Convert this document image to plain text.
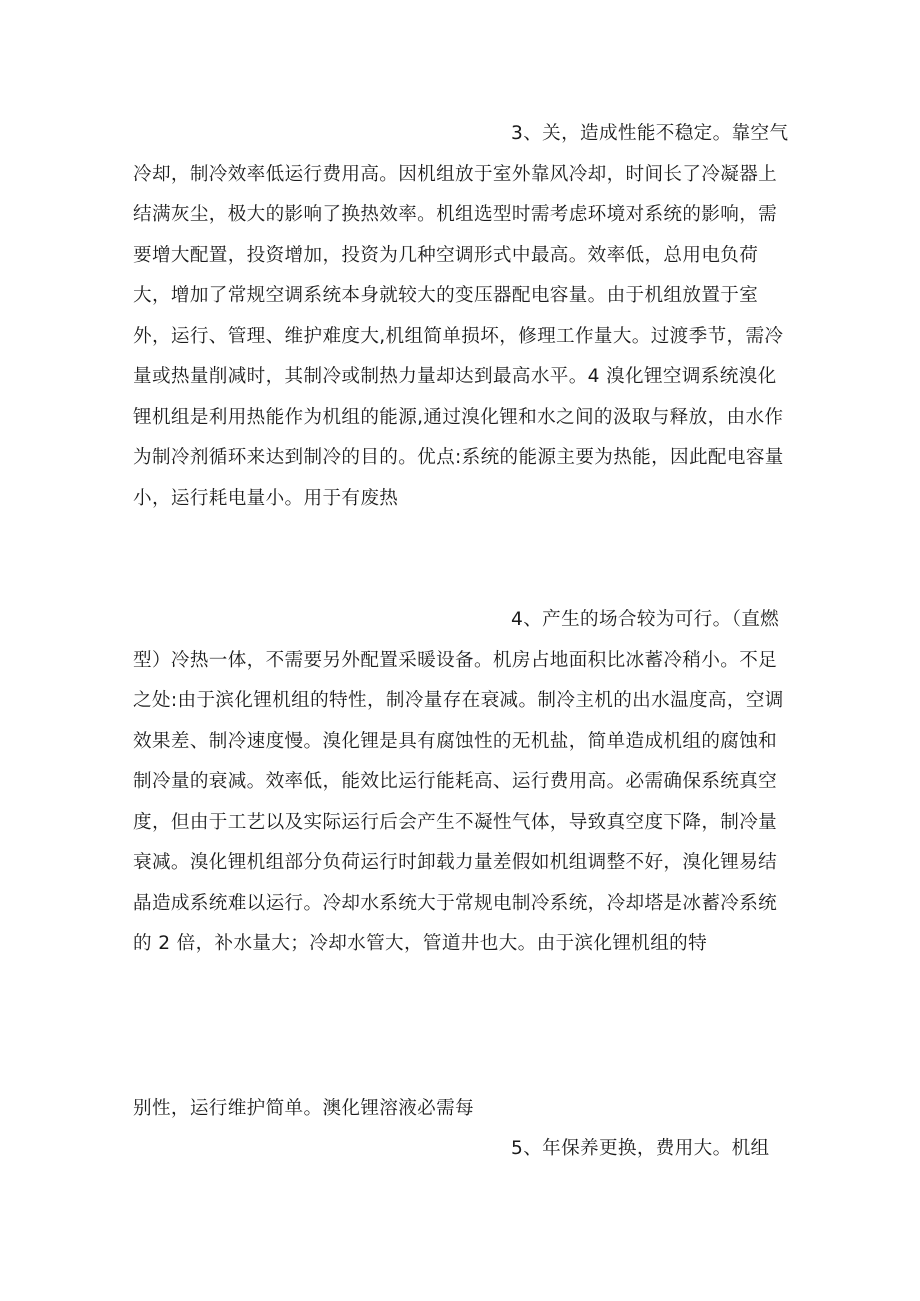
3、关，造成性能不稳定。靠空气冷却，制冷效率低运行费用高。因机组放于室外靠风冷却，时间长了冷凝器上结满灰尘，极大的影响了换热效率。机组选型时需考虑环境对系统的影响，需要增大配置，投资增加，投资为几种空调形式中最高。效率低，总用电负荷大，增加了常规空调系统本身就较大的变压器配电容量。由于机组放置于室外，运行、管理、维护难度大,机组简单损坏，修理工作量大。过渡季节，需冷量或热量削减时，其制冷或制热力量却达到最高水平。4 溴化锂空调系统溴化锂机组是利用热能作为机组的能源,通过溴化锂和水之间的汲取与释放，由水作为制冷剂循环来达到制冷的目的。优点:系统的能源主要为热能，因此配电容量小，运行耗电量小。用于有废热

4、产生的场合较为可行。（直燃型）冷热一体，不需要另外配置采暖设备。机房占地面积比冰蓄冷稍小。不足之处:由于滨化锂机组的特性，制冷量存在衰减。制冷主机的出水温度高，空调效果差、制冷速度慢。溴化锂是具有腐蚀性的无机盐，简单造成机组的腐蚀和制冷量的衰减。效率低，能效比运行能耗高、运行费用高。必需确保系统真空度，但由于工艺以及实际运行后会产生不凝性气体，导致真空度下降，制冷量衰减。溴化锂机组部分负荷运行时卸载力量差假如机组调整不好，溴化锂易结晶造成系统难以运行。冷却水系统大于常规电制冷系统，冷却塔是冰蓄冷系统的 2 倍，补水量大；冷却水管大，管道井也大。由于滨化锂机组的特

别性，运行维护简单。澳化锂溶液必需每

5、年保养更换，费用大。机组
